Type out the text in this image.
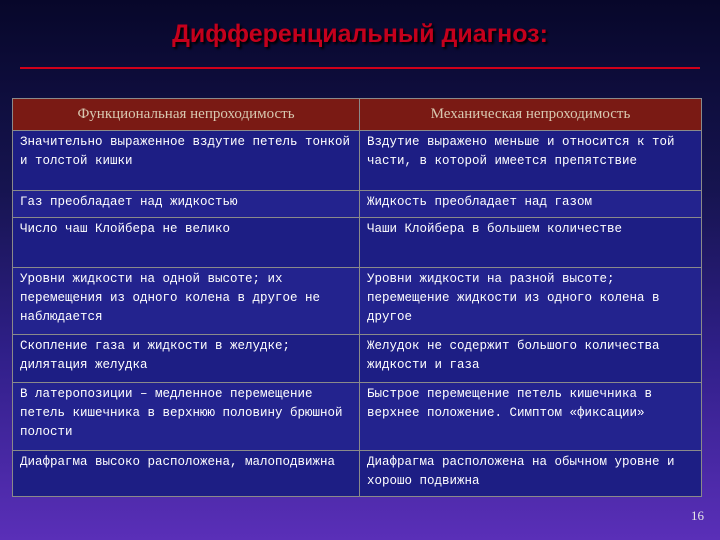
Дифференциальный диагноз:
Функциональная непроходимость	Механическая непроходимость
Значительно выраженное вздутие петель тонкой и толстой кишки	Вздутие выражено меньше и относится к той части, в которой имеется препятствие
Газ преобладает над жидкостью	Жидкость преобладает над газом
Число чаш Клойбера не велико	Чаши Клойбера в большем количестве
Уровни жидкости на одной высоте; их перемещения из одного колена в другое не наблюдается	Уровни жидкости на разной высоте; перемещение жидкости из одного колена в другое
Скопление газа и жидкости в желудке; дилятация желудка	Желудок не содержит большого количества жидкости и газа
В латеропозиции – медленное перемещение петель кишечника в верхнюю половину брюшной полости	Быстрое перемещение петель кишечника в верхнее положение. Симптом «фиксации»
Диафрагма высоко расположена, малоподвижна	Диафрагма расположена на обычном уровне и хорошо подвижна
16
